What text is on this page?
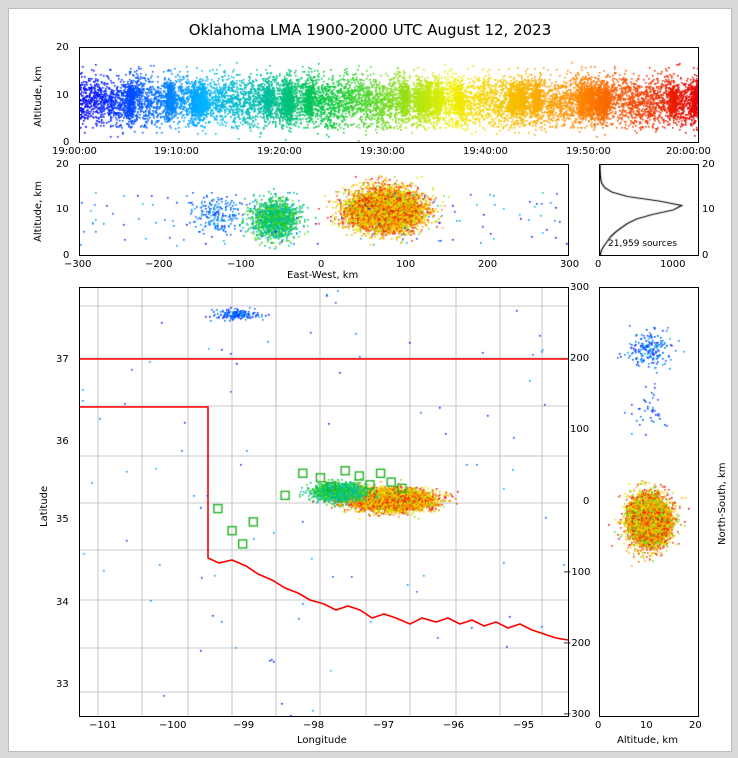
Oklahoma LMA 1900-2000 UTC August 12, 2023
Altitude, km
20
10
0
19:00:00	19:10:00	19:20:00	19:30:00	19:40:00	19:50:00	20:00:00
Altitude, km
20
10
0
−300	−200	−100	0	100	200	300
East-West, km
21,959 sources
20
10
0
0	1000
Latitude
37
36
35
34
33
−101	−100	−99	−98	−97	−96	−95
Longitude
300
200
100
0
−100
−200
−300
0	10	20
North-South, km
Altitude, km
